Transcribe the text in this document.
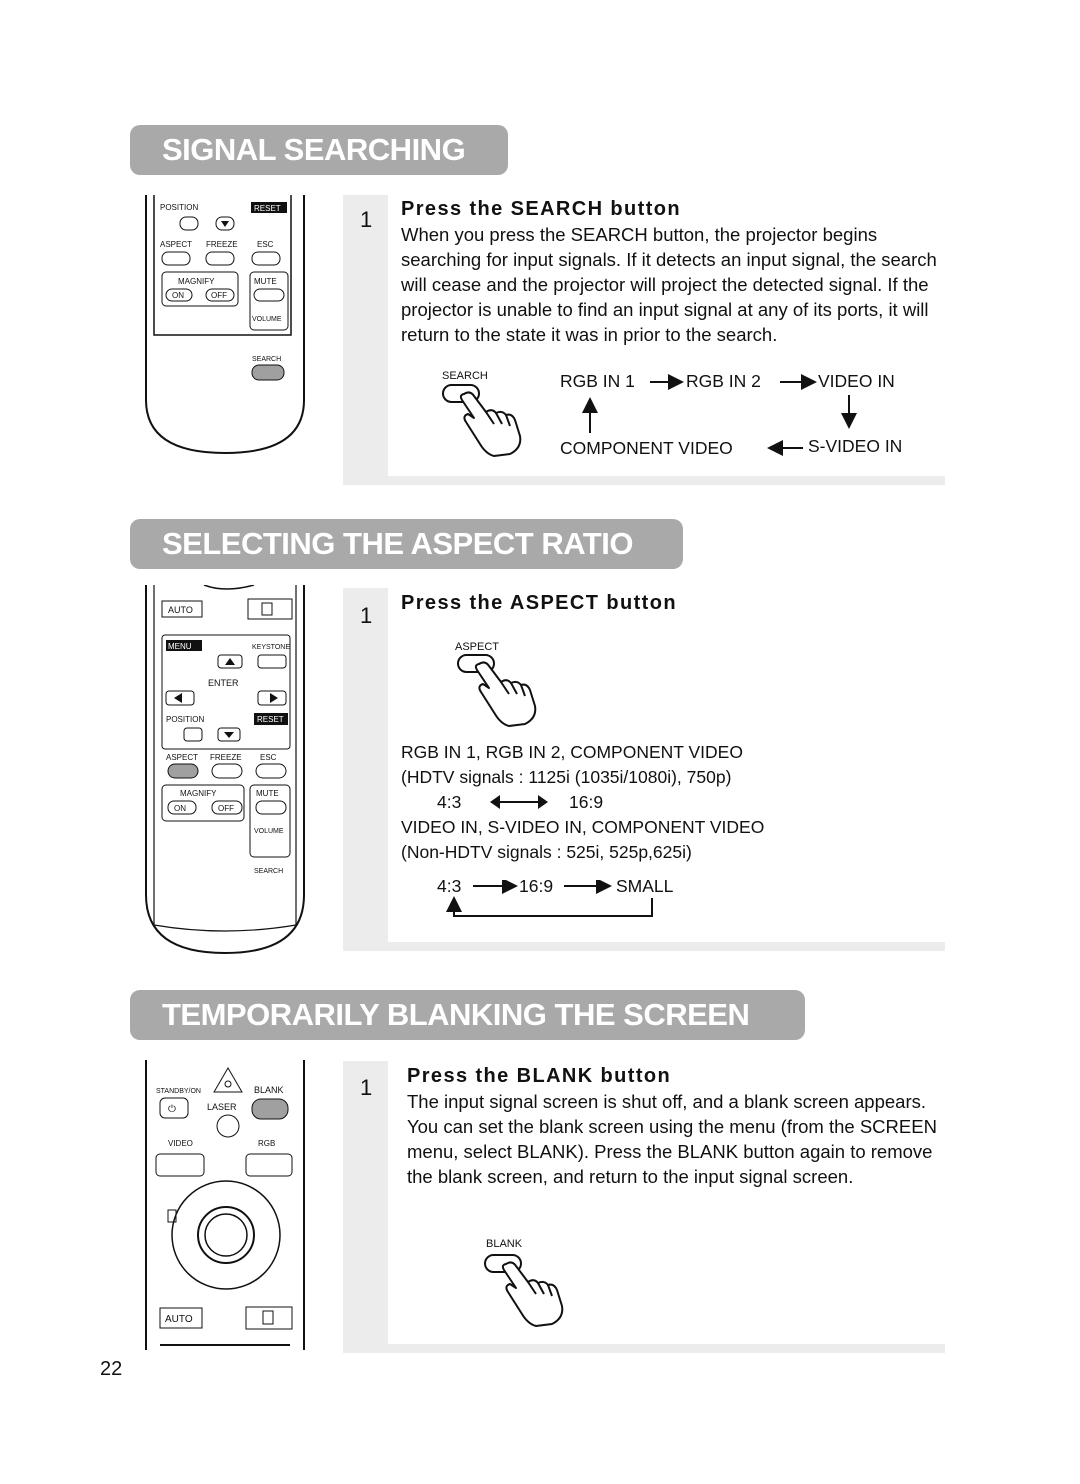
SIGNAL SEARCHING
POSITION	RESET
ASPECT FREEZE ESC
MAGNIFY
ON	OFF
MUTE
VOLUME
SEARCH
1 Press the SEARCH button
When you press the SEARCH button, the projector begins searching for input signals. If it detects an input signal, the search will cease and the projector will project the detected signal. If the projector is unable to find an input signal at any of its ports, it will return to the state it was in prior to the search.
SEARCH	RGB IN 1	RGB IN 2	VIDEO IN
COMPONENT VIDEO	S-VIDEO IN
SELECTING THE ASPECT RATIO
AUTO
MENU	KEYSTONE
ENTER
POSITION	RESET
ASPECT FREEZE ESC
MAGNIFY
ON	OFF
MUTE
VOLUME
SEARCH
1 Press the ASPECT button
ASPECT
RGB IN 1, RGB IN 2, COMPONENT VIDEO
(HDTV signals : 1125i (1035i/1080i), 750p)
4:3	16:9
VIDEO IN, S-VIDEO IN, COMPONENT VIDEO
(Non-HDTV signals : 525i, 525p,625i)
4:3	16:9	SMALL
TEMPORARILY BLANKING THE SCREEN
STANDBY/ON	BLANK
⏻	LASER
VIDEO	RGB
AUTO
1 Press the BLANK button
The input signal screen is shut off, and a blank screen appears. You can set the blank screen using the menu (from the SCREEN menu, select BLANK). Press the BLANK button again to remove the blank screen, and return to the input signal screen.
BLANK
22
